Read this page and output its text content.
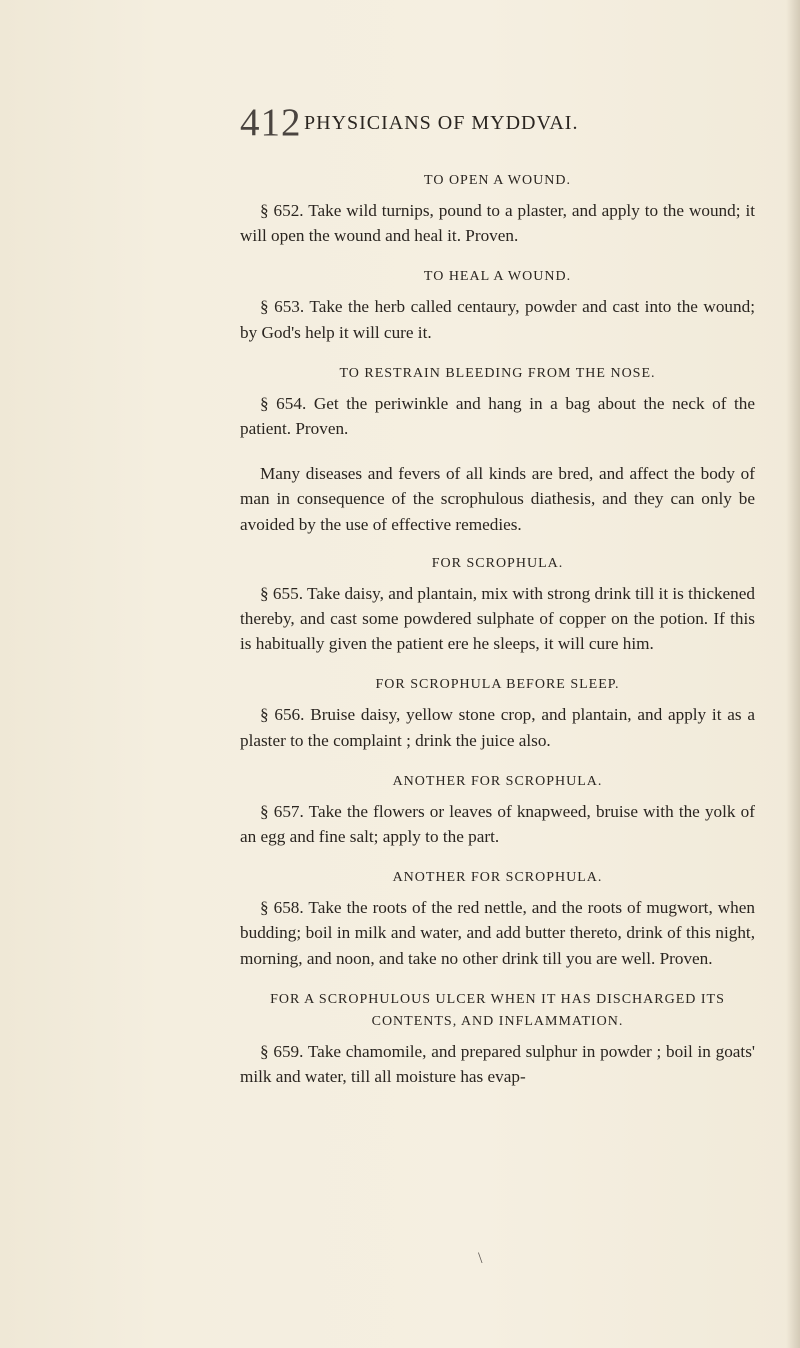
412 PHYSICIANS OF MYDDVAI.

TO OPEN A WOUND.

§ 652. Take wild turnips, pound to a plaster, and apply to the wound; it will open the wound and heal it. Proven.

TO HEAL A WOUND.

§ 653. Take the herb called centaury, powder and cast into the wound; by God's help it will cure it.

TO RESTRAIN BLEEDING FROM THE NOSE.

§ 654. Get the periwinkle and hang in a bag about the neck of the patient. Proven.

Many diseases and fevers of all kinds are bred, and affect the body of man in consequence of the scrophulous diathesis, and they can only be avoided by the use of effective remedies.

FOR SCROPHULA.

§ 655. Take daisy, and plantain, mix with strong drink till it is thickened thereby, and cast some powdered sulphate of copper on the potion. If this is habitually given the patient ere he sleeps, it will cure him.

FOR SCROPHULA BEFORE SLEEP.

§ 656. Bruise daisy, yellow stone crop, and plantain, and apply it as a plaster to the complaint ; drink the juice also.

ANOTHER FOR SCROPHULA.

§ 657. Take the flowers or leaves of knapweed, bruise with the yolk of an egg and fine salt; apply to the part.

ANOTHER FOR SCROPHULA.

§ 658. Take the roots of the red nettle, and the roots of mugwort, when budding; boil in milk and water, and add butter thereto, drink of this night, morning, and noon, and take no other drink till you are well. Proven.

FOR A SCROPHULOUS ULCER WHEN IT HAS DISCHARGED ITS CONTENTS, AND INFLAMMATION.

§ 659. Take chamomile, and prepared sulphur in powder ; boil in goats' milk and water, till all moisture has evap-

\
